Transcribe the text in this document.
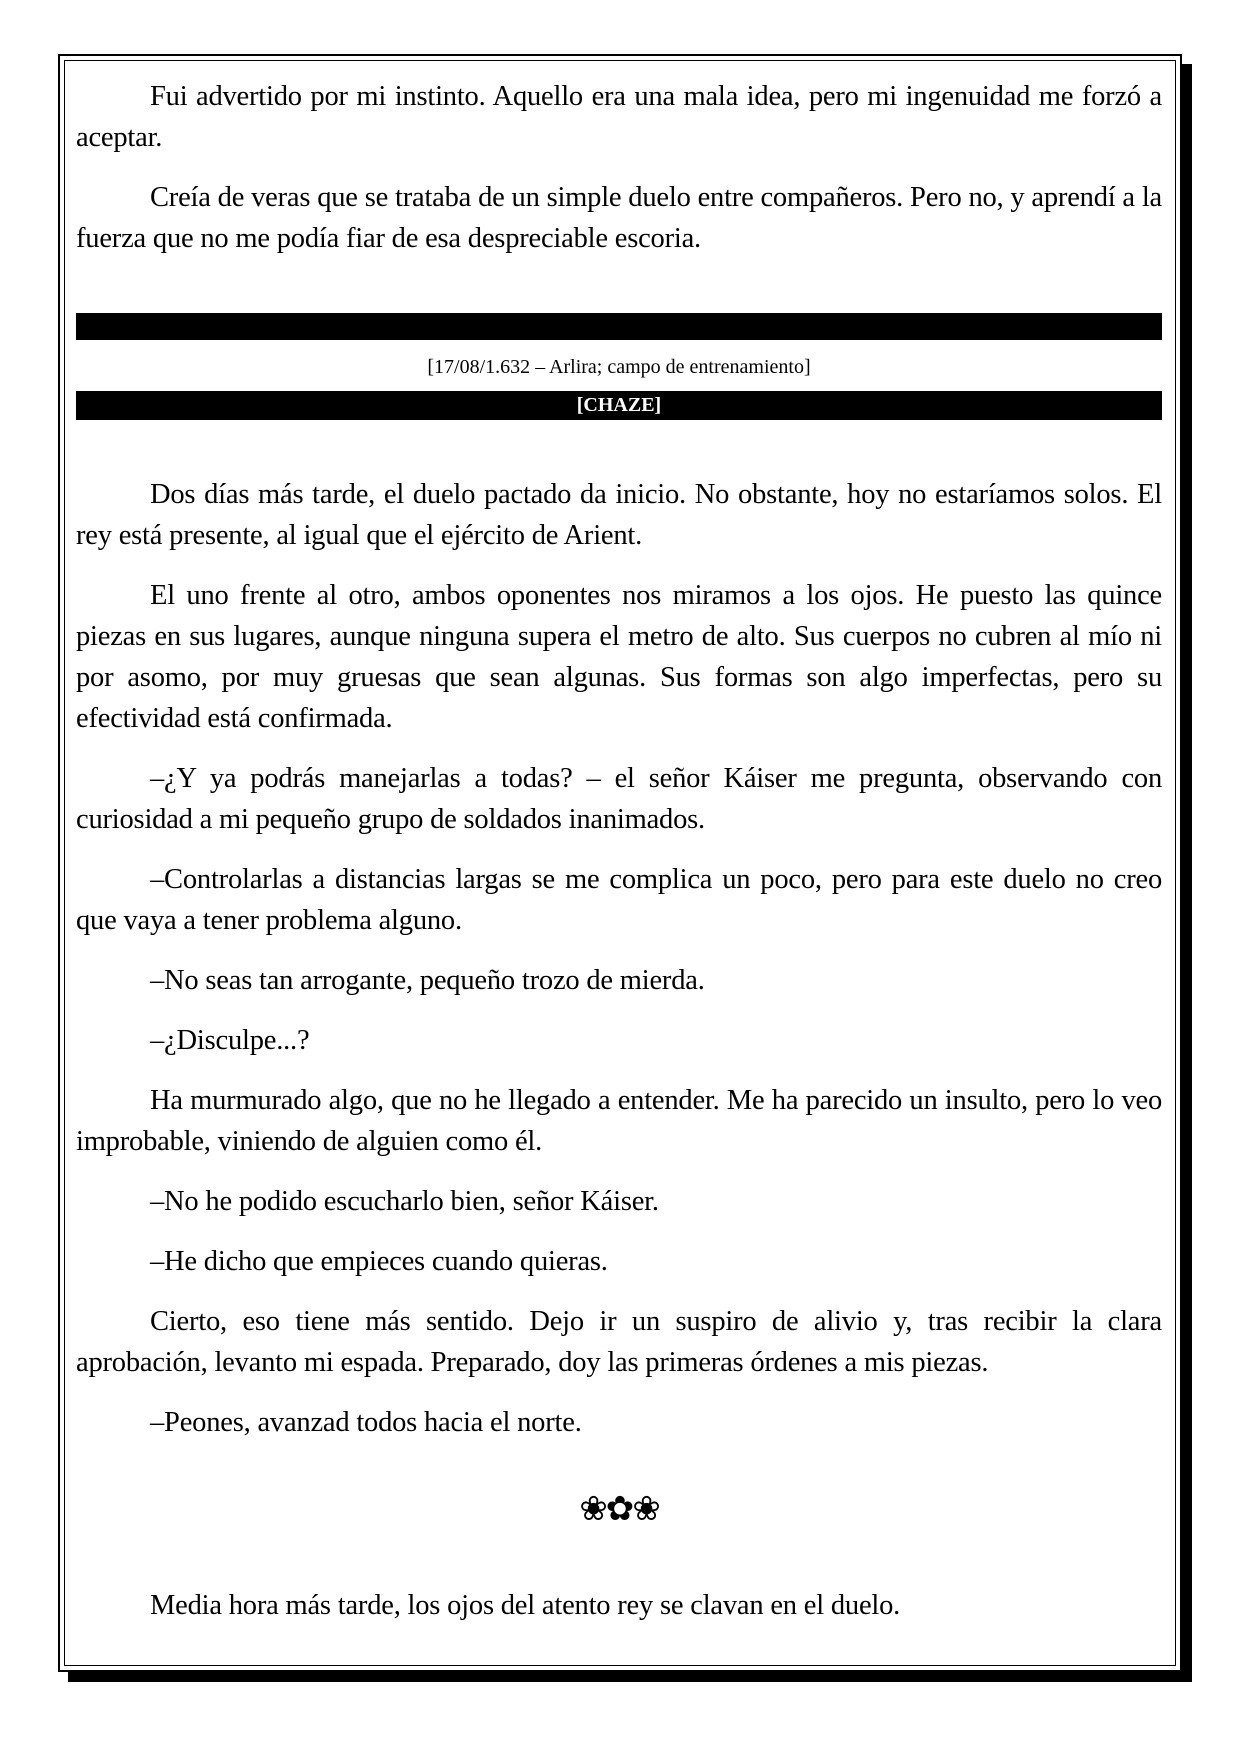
Fui advertido por mi instinto. Aquello era una mala idea, pero mi ingenuidad me forzó a aceptar.

Creía de veras que se trataba de un simple duelo entre compañeros. Pero no, y aprendí a la fuerza que no me podía fiar de esa despreciable escoria.

[17/08/1.632 – Arlira; campo de entrenamiento]
[CHAZE]

Dos días más tarde, el duelo pactado da inicio. No obstante, hoy no estaríamos solos. El rey está presente, al igual que el ejército de Arient.

El uno frente al otro, ambos oponentes nos miramos a los ojos. He puesto las quince piezas en sus lugares, aunque ninguna supera el metro de alto. Sus cuerpos no cubren al mío ni por asomo, por muy gruesas que sean algunas. Sus formas son algo imperfectas, pero su efectividad está confirmada.

–¿Y ya podrás manejarlas a todas? – el señor Káiser me pregunta, observando con curiosidad a mi pequeño grupo de soldados inanimados.

–Controlarlas a distancias largas se me complica un poco, pero para este duelo no creo que vaya a tener problema alguno.

–No seas tan arrogante, pequeño trozo de mierda.

–¿Disculpe...?

Ha murmurado algo, que no he llegado a entender. Me ha parecido un insulto, pero lo veo improbable, viniendo de alguien como él.

–No he podido escucharlo bien, señor Káiser.

–He dicho que empieces cuando quieras.

Cierto, eso tiene más sentido. Dejo ir un suspiro de alivio y, tras recibir la clara aprobación, levanto mi espada. Preparado, doy las primeras órdenes a mis piezas.

–Peones, avanzad todos hacia el norte.

❀✿❀

Media hora más tarde, los ojos del atento rey se clavan en el duelo.
